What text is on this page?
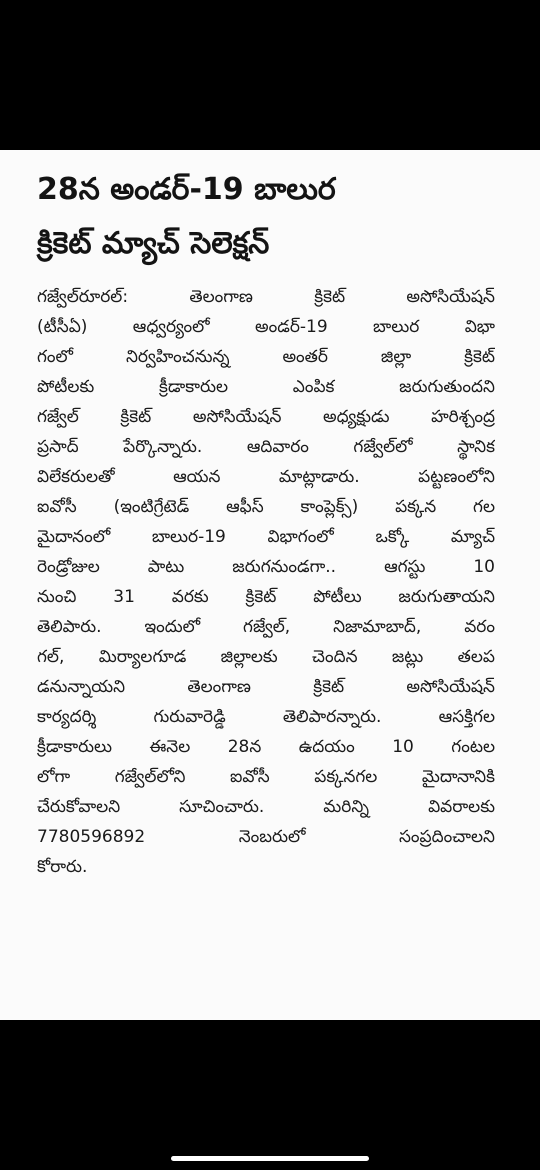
28న అండర్-19 బాలుర
క్రికెట్ మ్యాచ్ సెలెక్షన్
గజ్వేల్‌రూరల్: తెలంగాణ క్రికెట్ అసోసియేషన్
(టీసీఏ) ఆధ్వర్యంలో అండర్-19 బాలుర విభా
గంలో నిర్వహించనున్న అంతర్ జిల్లా క్రికెట్
పోటీలకు క్రీడాకారుల ఎంపిక జరుగుతుందని
గజ్వేల్ క్రికెట్ అసోసియేషన్ అధ్యక్షుడు హరిశ్చంద్ర
ప్రసాద్ పేర్కొన్నారు. ఆదివారం గజ్వేల్‌లో స్థానిక
విలేకరులతో ఆయన మాట్లాడారు. పట్టణంలోని
ఐవోసీ (ఇంటిగ్రేటెడ్ ఆఫీస్ కాంప్లెక్స్) పక్కన గల
మైదానంలో బాలుర-19 విభాగంలో ఒక్కో మ్యాచ్
రెండ్రోజుల పాటు జరుగనుండగా.. ఆగస్టు 10
నుంచి 31 వరకు క్రికెట్ పోటీలు జరుగుతాయని
తెలిపారు. ఇందులో గజ్వేల్, నిజామాబాద్, వరం
గల్, మిర్యాలగూడ జిల్లాలకు చెందిన జట్లు తలప
డనున్నాయని తెలంగాణ క్రికెట్ అసోసియేషన్
కార్యదర్శి గురువారెడ్డి తెలిపారన్నారు. ఆసక్తిగల
క్రీడాకారులు ఈనెల 28న ఉదయం 10 గంటల
లోగా గజ్వేల్‌లోని ఐవోసీ పక్కనగల మైదానానికి
చేరుకోవాలని సూచించారు. మరిన్ని వివరాలకు
7780596892 నెంబరులో సంప్రదించాలని
కోరారు.
